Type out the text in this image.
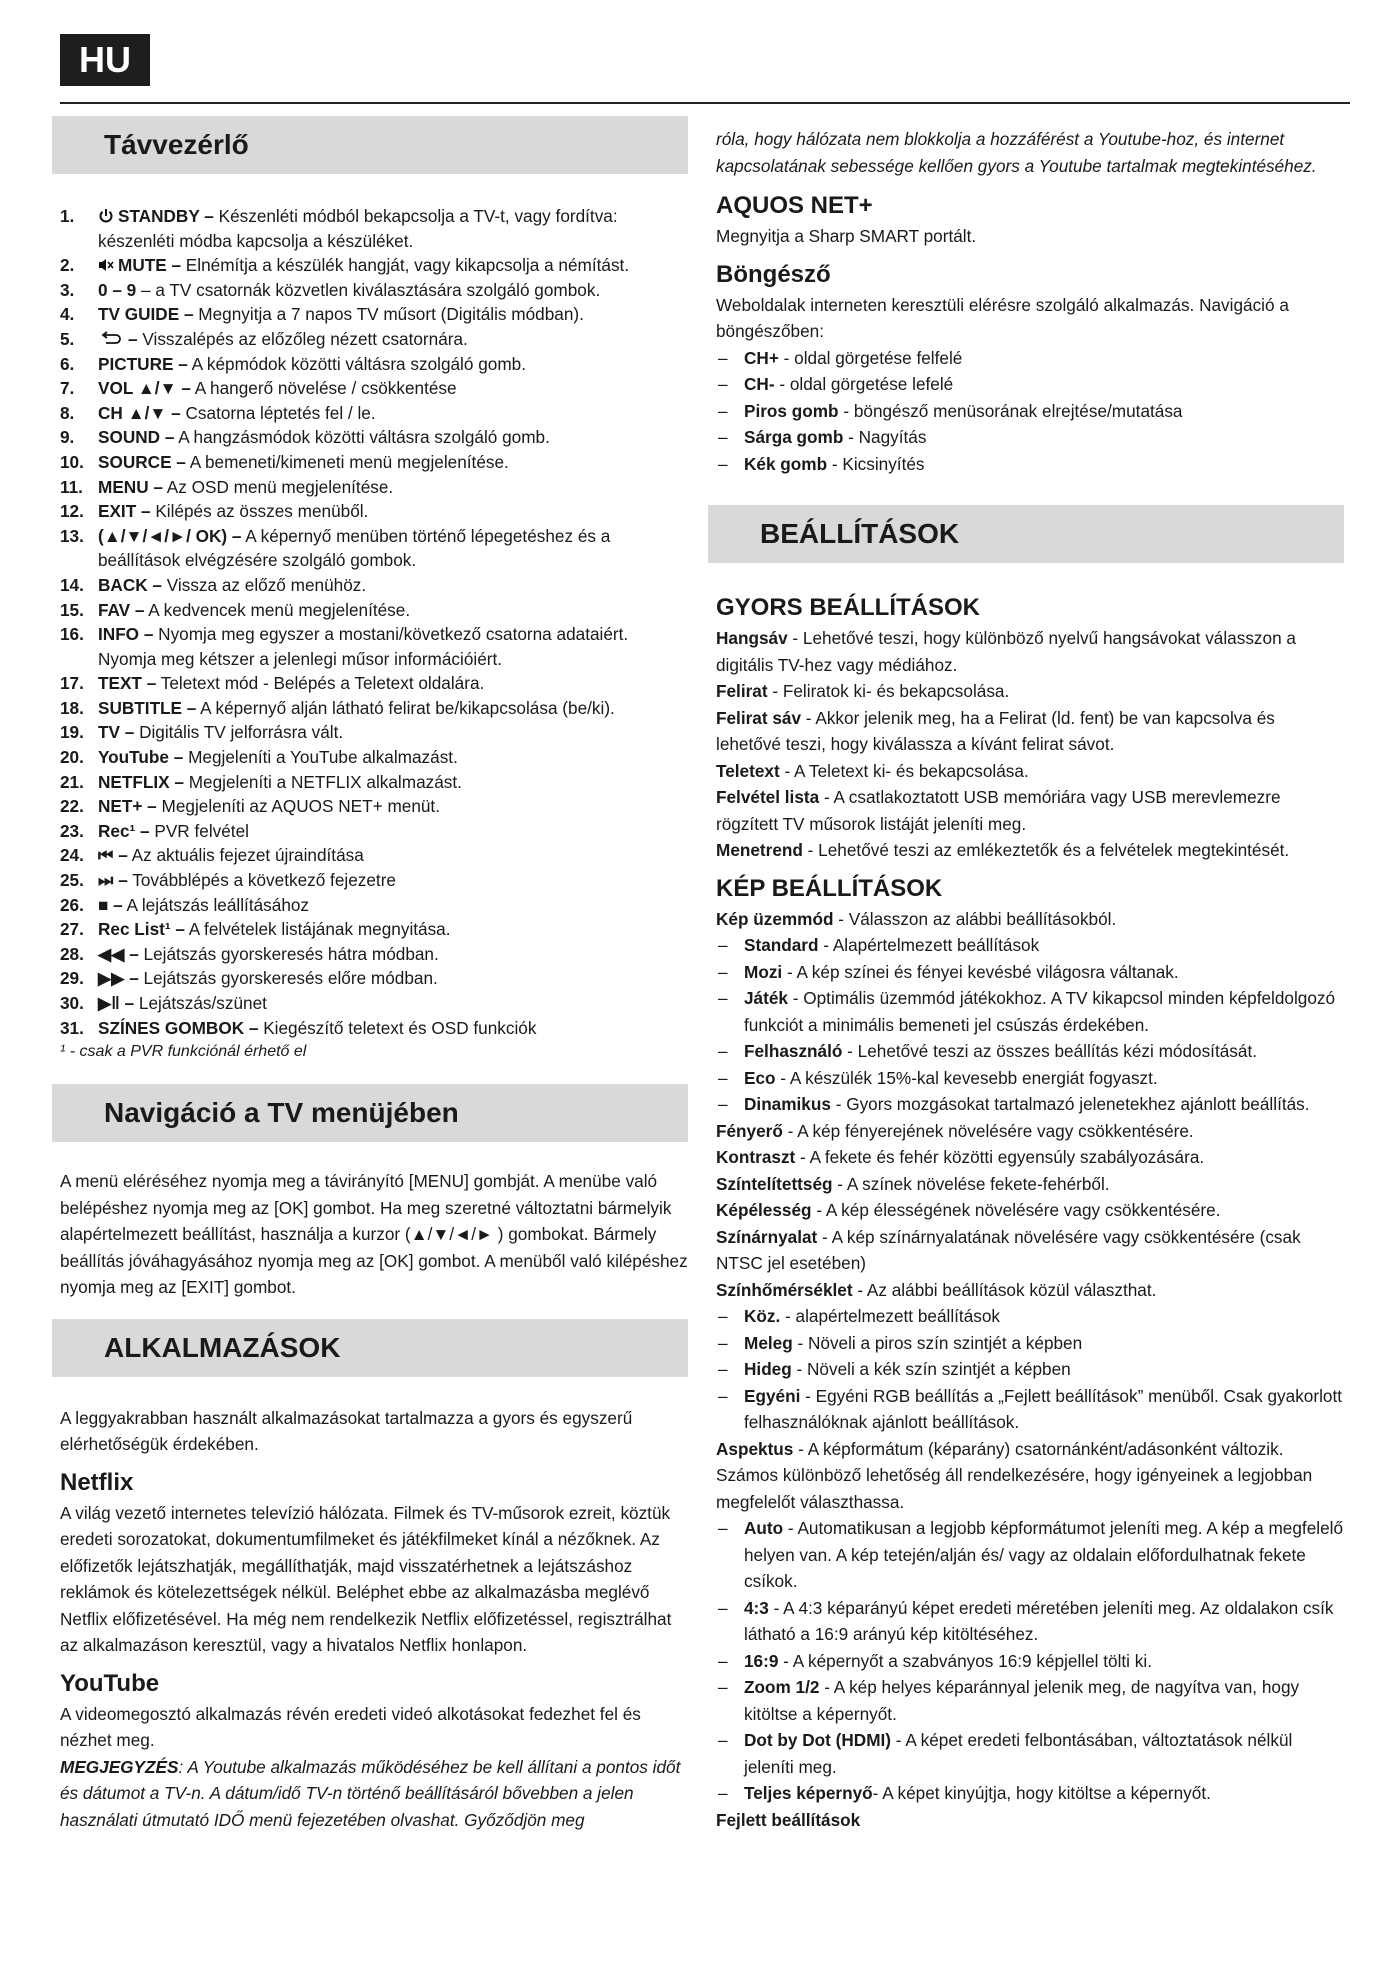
HU
Távvezérlő
1.	STANDBY – Készenléti módból bekapcsolja a TV-t, vagy fordítva: készenléti módba kapcsolja a készüléket.
2.	MUTE – Elnémítja a készülék hangját, vagy kikapcsolja a némítást.
3.	0 – 9 – a TV csatornák közvetlen kiválasztására szolgáló gombok.
4.	TV GUIDE – Megnyitja a 7 napos TV műsort (Digitális módban).
5.	– Visszalépés az előzőleg nézett csatornára.
6.	PICTURE – A képmódok közötti váltásra szolgáló gomb.
7.	VOL ▲/▼ – A hangerő növelése / csökkentése
8.	CH ▲/▼ – Csatorna léptetés fel / le.
9.	SOUND – A hangzásmódok közötti váltásra szolgáló gomb.
10. SOURCE – A bemeneti/kimeneti menü megjelenítése.
11. MENU – Az OSD menü megjelenítése.
12. EXIT – Kilépés az összes menüből.
13. (▲/▼/◄/►/ OK) – A képernyő menüben történő lépegetéshez és a beállítások elvégzésére szolgáló gombok.
14. BACK – Vissza az előző menühöz.
15. FAV – A kedvencek menü megjelenítése.
16. INFO – Nyomja meg egyszer a mostani/következő csatorna adataiért. Nyomja meg kétszer a jelenlegi műsor információiért.
17. TEXT – Teletext mód - Belépés a Teletext oldalára.
18. SUBTITLE – A képernyő alján látható felirat be/kikapcsolása (be/ki).
19. TV – Digitális TV jelforrásra vált.
20. YouTube – Megjeleníti a YouTube alkalmazást.
21. NETFLIX – Megjeleníti a NETFLIX alkalmazást.
22. NET+ – Megjeleníti az AQUOS NET+ menüt.
23. Rec¹ – PVR felvétel
24. ⏮ – Az aktuális fejezet újraindítása
25. ⏭ – Továbblépés a következő fejezetre
26. ■ – A lejátszás leállításához
27. Rec List¹ – A felvételek listájának megnyitása.
28. ◀◀ – Lejátszás gyorskeresés hátra módban.
29. ▶▶ – Lejátszás gyorskeresés előre módban.
30. ▶‖ – Lejátszás/szünet
31. SZÍNES GOMBOK – Kiegészítő teletext és OSD funkciók
¹ - csak a PVR funkciónál érhető el
Navigáció a TV menüjében

A menü eléréséhez nyomja meg a távirányító [MENU] gombját. A menübe való belépéshez nyomja meg az [OK] gombot. Ha meg szeretné változtatni bármelyik alapértelmezett beállítást, használja a kurzor (▲/▼/◄/► ) gombokat. Bármely beállítás jóváhagyásához nyomja meg az [OK] gombot. A menüből való kilépéshez nyomja meg az [EXIT] gombot.

ALKALMAZÁSOK

A leggyakrabban használt alkalmazásokat tartalmazza a gyors és egyszerű elérhetőségük érdekében.

Netflix

A világ vezető internetes televízió hálózata. Filmek és TV-műsorok ezreit, köztük eredeti sorozatokat, dokumentumfilmeket és játékfilmeket kínál a nézőknek. Az előfizetők lejátszhatják, megállíthatják, majd visszatérhetnek a lejátszáshoz reklámok és kötelezettségek nélkül. Beléphet ebbe az alkalmazásba meglévő Netflix előfizetésével. Ha még nem rendelkezik Netflix előfizetéssel, regisztrálhat az alkalmazáson keresztül, vagy a hivatalos Netflix honlapon.

YouTube

A videomegosztó alkalmazás révén eredeti videó alkotásokat fedezhet fel és nézhet meg.

MEGJEGYZÉS: A Youtube alkalmazás működéséhez be kell állítani a pontos időt és dátumot a TV-n. A dátum/idő TV-n történő beállításáról bővebben a jelen használati útmutató IDŐ menü fejezetében olvashat. Győződjön meg

róla, hogy hálózata nem blokkolja a hozzáférést a Youtube-hoz, és internet kapcsolatának sebessége kellően gyors a Youtube tartalmak megtekintéséhez.

AQUOS NET+

Megnyitja a Sharp SMART portált.

Böngésző

Weboldalak interneten keresztüli elérésre szolgáló alkalmazás. Navigáció a böngészőben:

– CH+ - oldal görgetése felfelé
– CH- - oldal görgetése lefelé
– Piros gomb - böngésző menüsorának elrejtése/mutatása
– Sárga gomb - Nagyítás
– Kék gomb - Kicsinyítés
BEÁLLÍTÁSOK
GYORS BEÁLLÍTÁSOK

Hangsáv - Lehetővé teszi, hogy különböző nyelvű hangsávokat válasszon a digitális TV-hez vagy médiához.

Felirat - Feliratok ki- és bekapcsolása.

Felirat sáv - Akkor jelenik meg, ha a Felirat (ld. fent) be van kapcsolva és lehetővé teszi, hogy kiválassza a kívánt felirat sávot.

Teletext - A Teletext ki- és bekapcsolása.

Felvétel lista - A csatlakoztatott USB memóriára vagy USB merevlemezre rögzített TV műsorok listáját jeleníti meg.

Menetrend - Lehetővé teszi az emlékeztetők és a felvételek megtekintését.

KÉP BEÁLLÍTÁSOK

Kép üzemmód - Válasszon az alábbi beállításokból.

– Standard - Alapértelmezett beállítások
– Mozi - A kép színei és fényei kevésbé világosra váltanak.
– Játék - Optimális üzemmód játékokhoz. A TV kikapcsol minden képfeldolgozó funkciót a minimális bemeneti jel csúszás érdekében.
– Felhasználó - Lehetővé teszi az összes beállítás kézi módosítását.
– Eco - A készülék 15%-kal kevesebb energiát fogyaszt.
– Dinamikus - Gyors mozgásokat tartalmazó jelenetekhez ajánlott beállítás.

Fényerő - A kép fényerejének növelésére vagy csökkentésére.

Kontraszt - A fekete és fehér közötti egyensúly szabályozására.

Színtelítettség - A színek növelése fekete-fehérből.

Képélesség - A kép élességének növelésére vagy csökkentésére.

Színárnyalat - A kép színárnyalatának növelésére vagy csökkentésére (csak NTSC jel esetében)

Színhőmérséklet - Az alábbi beállítások közül választhat.

– Köz. - alapértelmezett beállítások
– Meleg - Növeli a piros szín szintjét a képben
– Hideg - Növeli a kék szín szintjét a képben
– Egyéni - Egyéni RGB beállítás a „Fejlett beállítások” menüből. Csak gyakorlott felhasználóknak ajánlott beállítások.

Aspektus - A képformátum (képarány) csatornánként/adásonként változik. Számos különböző lehetőség áll rendelkezésére, hogy igényeinek a legjobban megfelelőt választhassa.

– Auto - Automatikusan a legjobb képformátumot jeleníti meg. A kép a megfelelő helyen van. A kép tetején/alján és/ vagy az oldalain előfordulhatnak fekete csíkok.
– 4:3 - A 4:3 képarányú képet eredeti méretében jeleníti meg. Az oldalakon csík látható a 16:9 arányú kép kitöltéséhez.
– 16:9 - A képernyőt a szabványos 16:9 képjellel tölti ki.
– Zoom 1/2 - A kép helyes képaránnyal jelenik meg, de nagyítva van, hogy kitöltse a képernyőt.
– Dot by Dot (HDMI) - A képet eredeti felbontásában, változtatások nélkül jeleníti meg.
– Teljes képernyő- A képet kinyújtja, hogy kitöltse a képernyőt.

Fejlett beállítások
